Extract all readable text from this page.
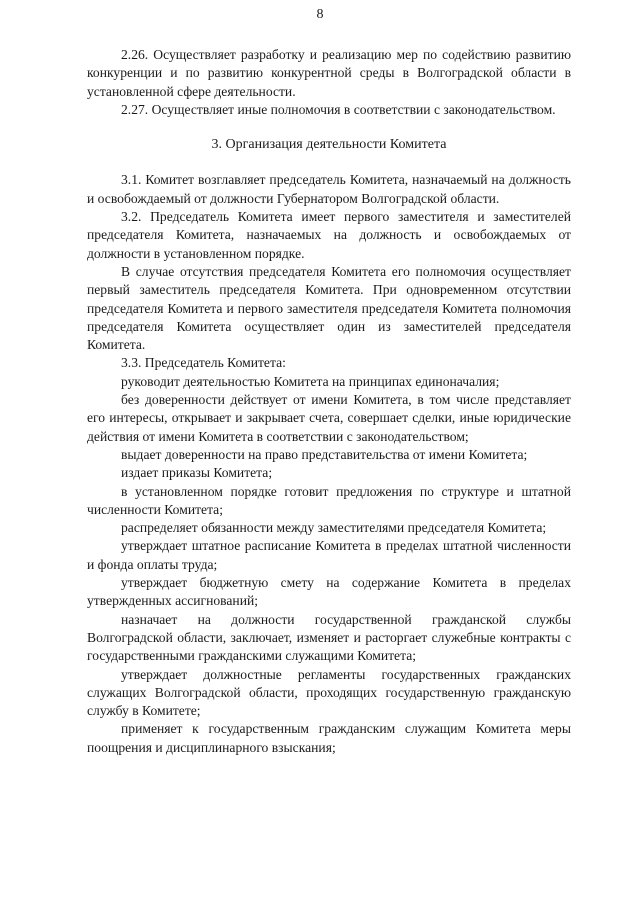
8

2.26. Осуществляет разработку и реализацию мер по содействию развитию конкуренции и по развитию конкурентной среды в Волгоградской области в установленной сфере деятельности.

2.27. Осуществляет иные полномочия в соответствии с законодательством.

3. Организация деятельности Комитета

3.1. Комитет возглавляет председатель Комитета, назначаемый на должность и освобождаемый от должности Губернатором Волгоградской области.

3.2. Председатель Комитета имеет первого заместителя и заместителей председателя Комитета, назначаемых на должность и освобождаемых от должности в установленном порядке.

В случае отсутствия председателя Комитета его полномочия осуществляет первый заместитель председателя Комитета. При одновременном отсутствии председателя Комитета и первого заместителя председателя Комитета полномочия председателя Комитета осуществляет один из заместителей председателя Комитета.

3.3. Председатель Комитета:

руководит деятельностью Комитета на принципах единоначалия;

без доверенности действует от имени Комитета, в том числе представляет его интересы, открывает и закрывает счета, совершает сделки, иные юридические действия от имени Комитета в соответствии с законодательством;

выдает доверенности на право представительства от имени Комитета;

издает приказы Комитета;

в установленном порядке готовит предложения по структуре и штатной численности Комитета;

распределяет обязанности между заместителями председателя Комитета;

утверждает штатное расписание Комитета в пределах штатной численности и фонда оплаты труда;

утверждает бюджетную смету на содержание Комитета в пределах утвержденных ассигнований;

назначает на должности государственной гражданской службы Волгоградской области, заключает, изменяет и расторгает служебные контракты с государственными гражданскими служащими Комитета;

утверждает должностные регламенты государственных гражданских служащих Волгоградской области, проходящих государственную гражданскую службу в Комитете;

применяет к государственным гражданским служащим Комитета меры поощрения и дисциплинарного взыскания;
